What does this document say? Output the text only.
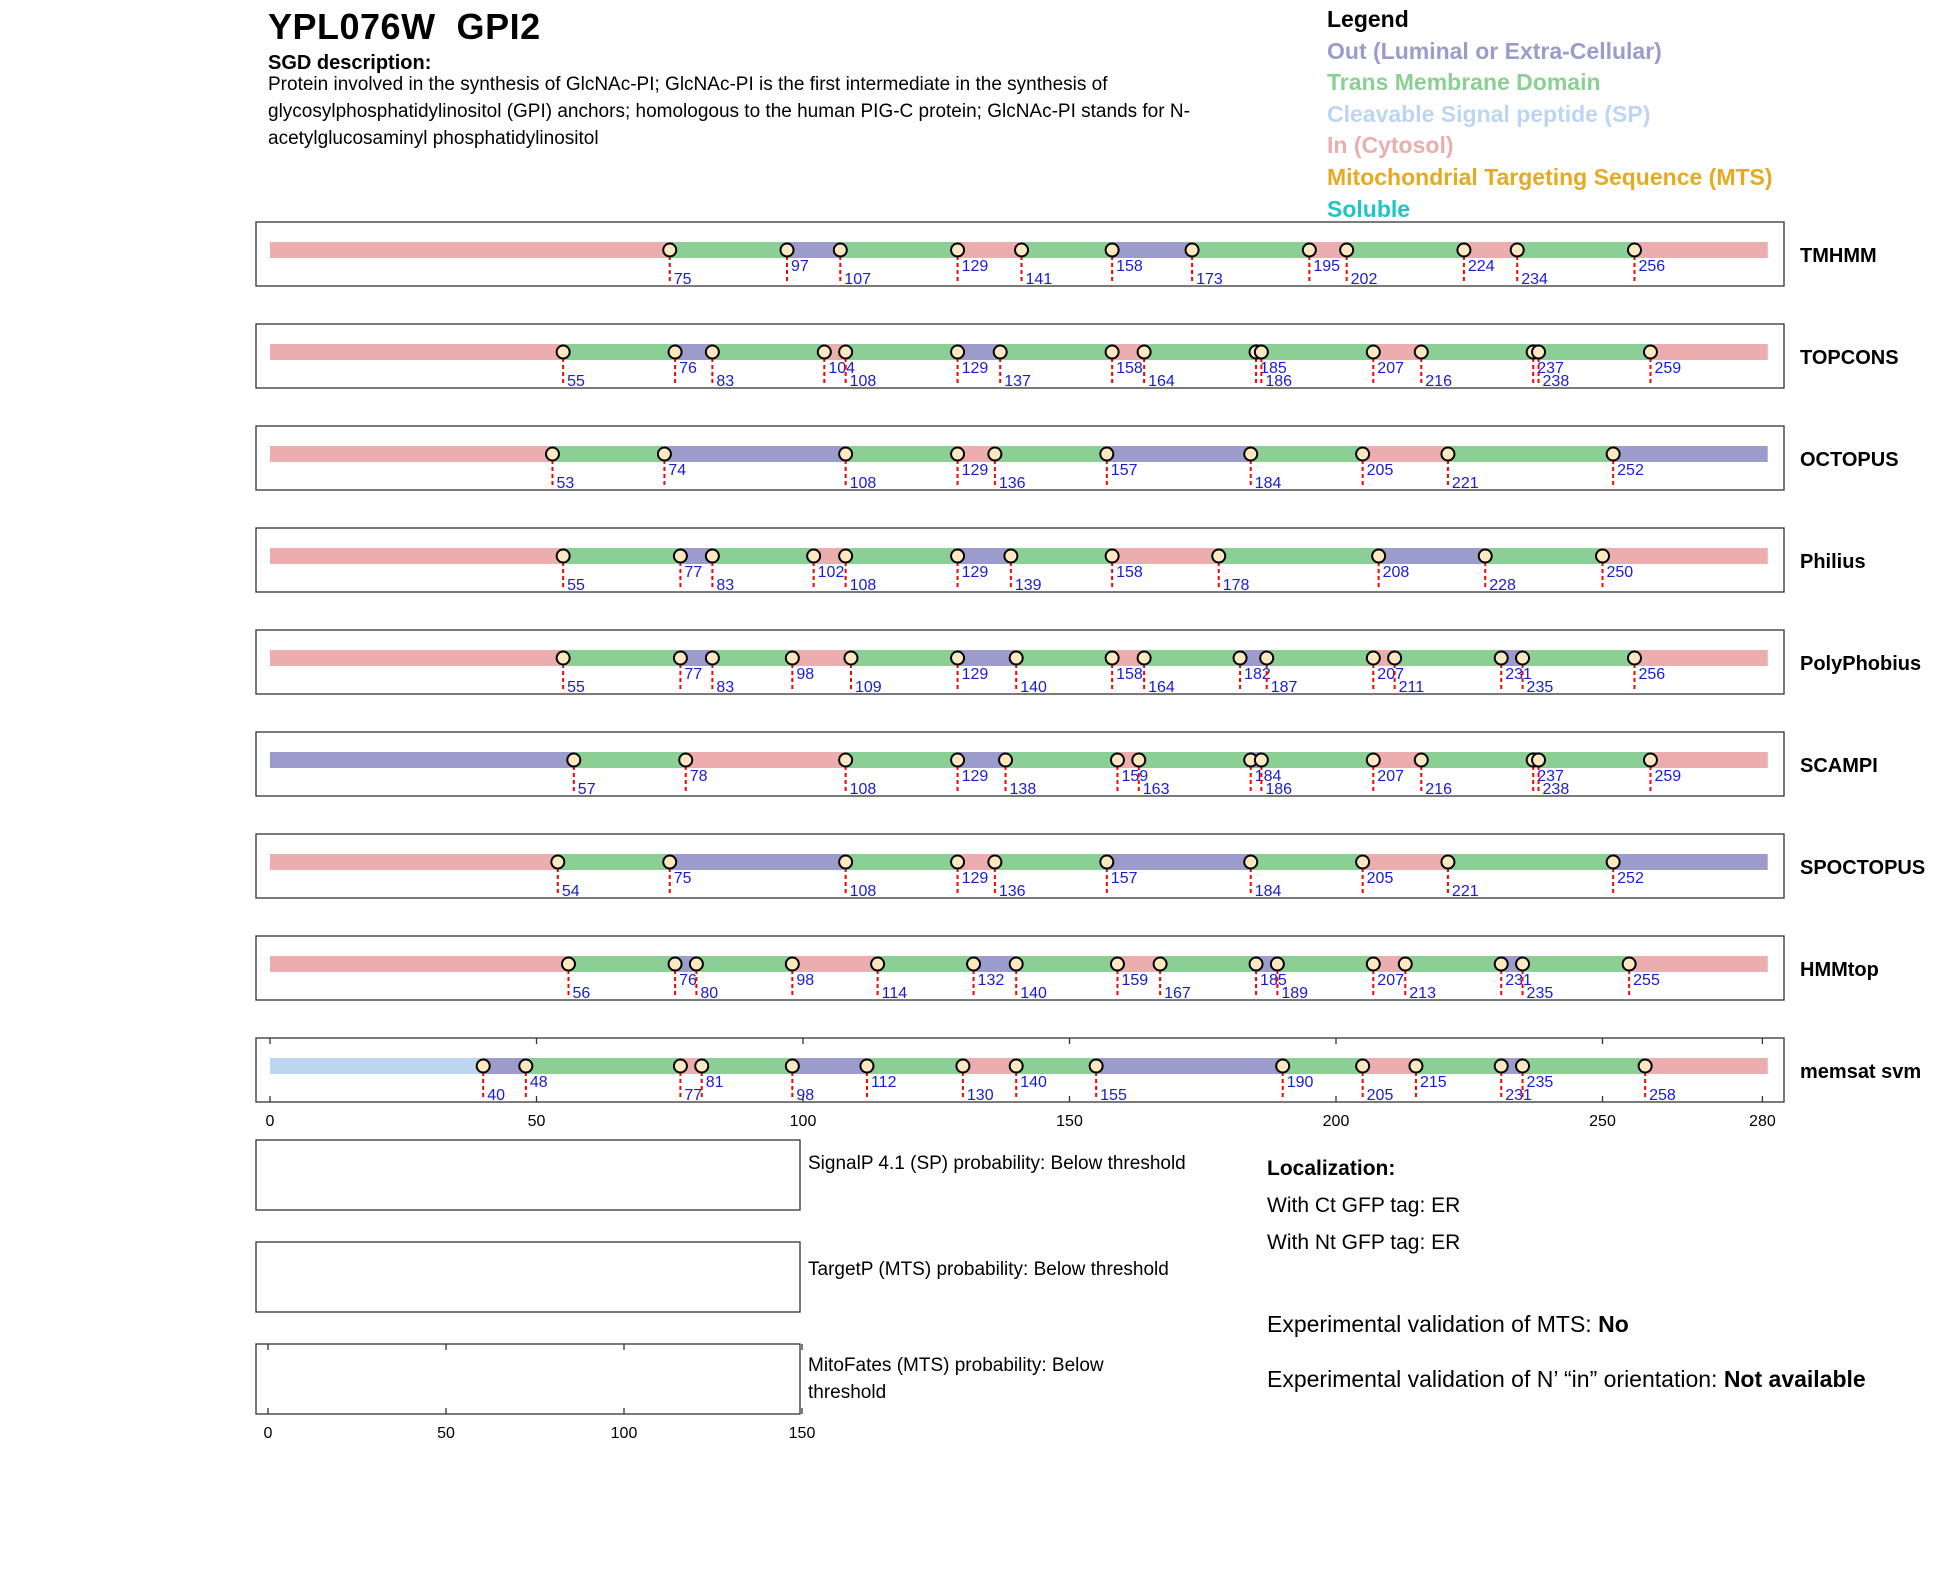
YPL076W  GPI2
SGD description:
Protein involved in the synthesis of GlcNAc-PI; GlcNAc-PI is the first intermediate in the synthesis of glycosylphosphatidylinositol (GPI) anchors; homologous to the human PIG-C protein; GlcNAc-PI stands for N-acetylglucosaminyl phosphatidylinositol
Legend
Out (Luminal or Extra-Cellular)
Trans Membrane Domain
Cleavable Signal peptide (SP)
In (Cytosol)
Mitochondrial Targeting Sequence (MTS)
Soluble
75
97
107
129
141
158
173
195
202
224
234
256	TMHMM
55
76
83
104
108
129
137
158
164
185
186
207
216
237
238
259	TOPCONS
53
74
108
129
136
157
184
205
221
252	OCTOPUS
55
77
83
102
108
129
139
158
178
208
228
250	Philius
55
77
83
98
109
129
140
158
164
182
187
207
211
231
235
256	PolyPhobius
57
78
108
129
138
159
163
184
186
207
216
237
238
259	SCAMPI
54
75
108
129
136
157
184
205
221
252	SPOCTOPUS
56
76
80
98
114
132
140
159
167
185
189
207
213
231
235
255	HMMtop
40
48
77
81
98
112
130
140
155
190
205
215
231
235
258
memsat svm
0	50	100	150	200	250	280
0	50	100	150
SignalP 4.1 (SP) probability: Below threshold
TargetP (MTS) probability: Below threshold
MitoFates (MTS) probability: Below threshold
Localization:
With Ct GFP tag: ER
With Nt GFP tag: ER
Experimental validation of MTS: No
Experimental validation of N’ “in” orientation: Not available
